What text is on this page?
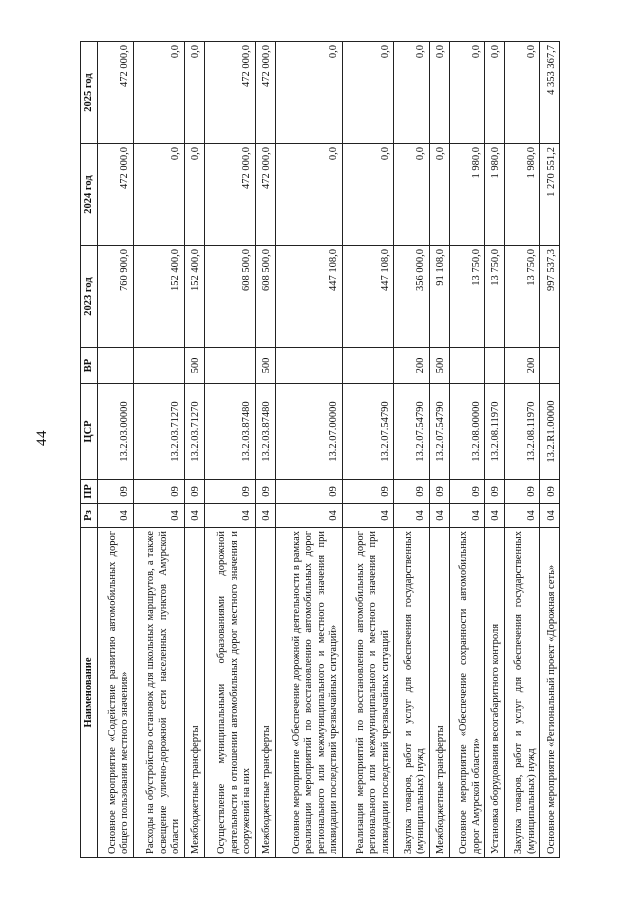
44
Наименование	Рз	ПР	ЦСР	ВР	2023 год	2024 год	2025 год
Основное мероприятие «Содействие развитию автомобильных дорог общего пользования местного значения»	04	09	13.2.03.00000		760 900,0	472 000,0	472 000,0
Расходы на обустройство остановок для школьных маршрутов, а также освещение улично-дорожной сети населенных пунктов Амурской области	04	09	13.2.03.71270		152 400,0	0,0	0,0
Межбюджетные трансферты	04	09	13.2.03.71270	500	152 400,0	0,0	0,0
Осуществление муниципальными образованиями дорожной деятельности в отношении автомобильных дорог местного значения и сооружений на них	04	09	13.2.03.87480		608 500,0	472 000,0	472 000,0
Межбюджетные трансферты	04	09	13.2.03.87480	500	608 500,0	472 000,0	472 000,0
Основное мероприятие «Обеспечение дорожной деятельности в рамках реализации мероприятий по восстановлению автомобильных дорог регионального или межмуниципального и местного значения при ликвидации последствий чрезвычайных ситуаций»	04	09	13.2.07.00000		447 108,0	0,0	0,0
Реализация мероприятий по восстановлению автомобильных дорог регионального или межмуниципального и местного значения при ликвидации последствий чрезвычайных ситуаций	04	09	13.2.07.54790		447 108,0	0,0	0,0
Закупка товаров, работ и услуг для обеспечения государственных (муниципальных) нужд	04	09	13.2.07.54790	200	356 000,0	0,0	0,0
Межбюджетные трансферты	04	09	13.2.07.54790	500	91 108,0	0,0	0,0
Основное мероприятие «Обеспечение сохранности автомобильных дорог Амурской области»	04	09	13.2.08.00000		13 750,0	1 980,0	0,0
Установка оборудования весогабаритного контроля	04	09	13.2.08.11970		13 750,0	1 980,0	0,0
Закупка товаров, работ и услуг для обеспечения государственных (муниципальных) нужд	04	09	13.2.08.11970	200	13 750,0	1 980,0	0,0
Основное мероприятие «Региональный проект «Дорожная сеть»	04	09	13.2.R1.00000		997 537,3	1 270 551,2	4 353 367,7
